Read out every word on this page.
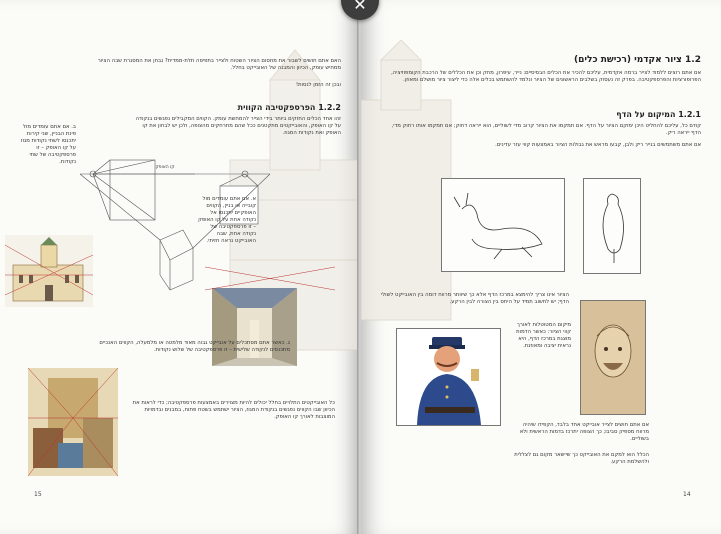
✕
האם אתם חושים לשבור את מחסום הציור השטוח ולצייר בתפיסה תלת-ממדית? נבחן את המסגרת שבה הציור ממחיש עומק, הכיוון והמבנה של האובייקט בחלל.
ובכן זה הזמן לנסות!
1.2.2 הפרספקטיבה הקווית
זהו אחד הכלים החזקים ביותר בידי הצייר להמחשת עומק. הקווים המקבילים נפגשים בנקודה על קו האופק, והאובייקטים מתקטנים ככל שהם מתרחקים מהצופה, ולכן יש לבחון את קו האופק ואת נקודות המגוז.
קו האופק
ב. אם אתם עומדים מול פינת הבניין, שני קירות יתכנסו לשתי נקודות מגוז על קו האופק – זו פרספקטיבה של שתי נקודות.
א. אם אתם עומדים מול קובייה או בניין, הקווים האופקיים יתכנסו אל נקודה אחת על קו האופק – זו פרספקטיבה של נקודה אחת, שבה האובייקט נראה חזיתי.
ג. כאשר אתם מסתכלים על אובייקט גבוה מאוד מלמטה או מלמעלה, הקווים האנכיים מתכנסים לנקודה שלישית – זו פרספקטיבה של שלוש נקודות.
כל האובייקטים התלויים בחלל יכולים להיות מצוירים באמצעות פרספקטיבה; כדי לראות את הכיוון שבו הקווים נפגשים בנקודת המגוז, הציור ישתמש בשטח פתוח, במבנים ובדמויות המוצבות לאורך קו האופק.
15
1.2 ציור אקדמי (רכישת כלים)
אם אתם רוצים ללמוד לצייר ברמה אקדמית, עליכם להכיר את הכלים הבסיסיים: נייר, עיפרון, מחק וכן את הכללים של הרכבת הקומפוזיציה, הפרופורציות והפרספקטיבה. בפרק זה נעסוק בשלבים הראשונים של הציור ונלמד להשתמש בכלים אלה כדי ליצור ציור מושלם ומאוזן.
1.2.1 המיקום על הדף
קודם כל, עליכם להחליט היכן ימוקם הציור על הדף. אם תמקמו את הציור קרוב מדי לשוליים, הוא ייראה דחוק; אם תמקמו אותו רחוק מדי, הדף ייראה ריק.
אם אתם משתמשים בנייר ריק ולבן, קבעו מראש את גבולות הציור באמצעות קווי עזר עדינים.
הציור אינו צריך להימצא במרכז הדף אלא כך שיוותר מרווח דומה בין האובייקט לשולי הדף; יש לחשוב תמיד על היחס בין הצורה לבין הרקע.
מיקום המטוטלות לאורך קווי הציור: כאשר הדמות מוצגת במרכז הדף, היא נראית יציבה ומאוזנת.
אם אתם חושים לצייר אובייקט אחד בלבד, הקפידו שיהיה מרווח מספיק סביבו; כך הצופה יתרכז בדמות הראשית ולא בשוליים.
הכלל הוא למקם את האובייקט כך שיישאר מקום גם לצללית ולהשלמת הרקע.
14
